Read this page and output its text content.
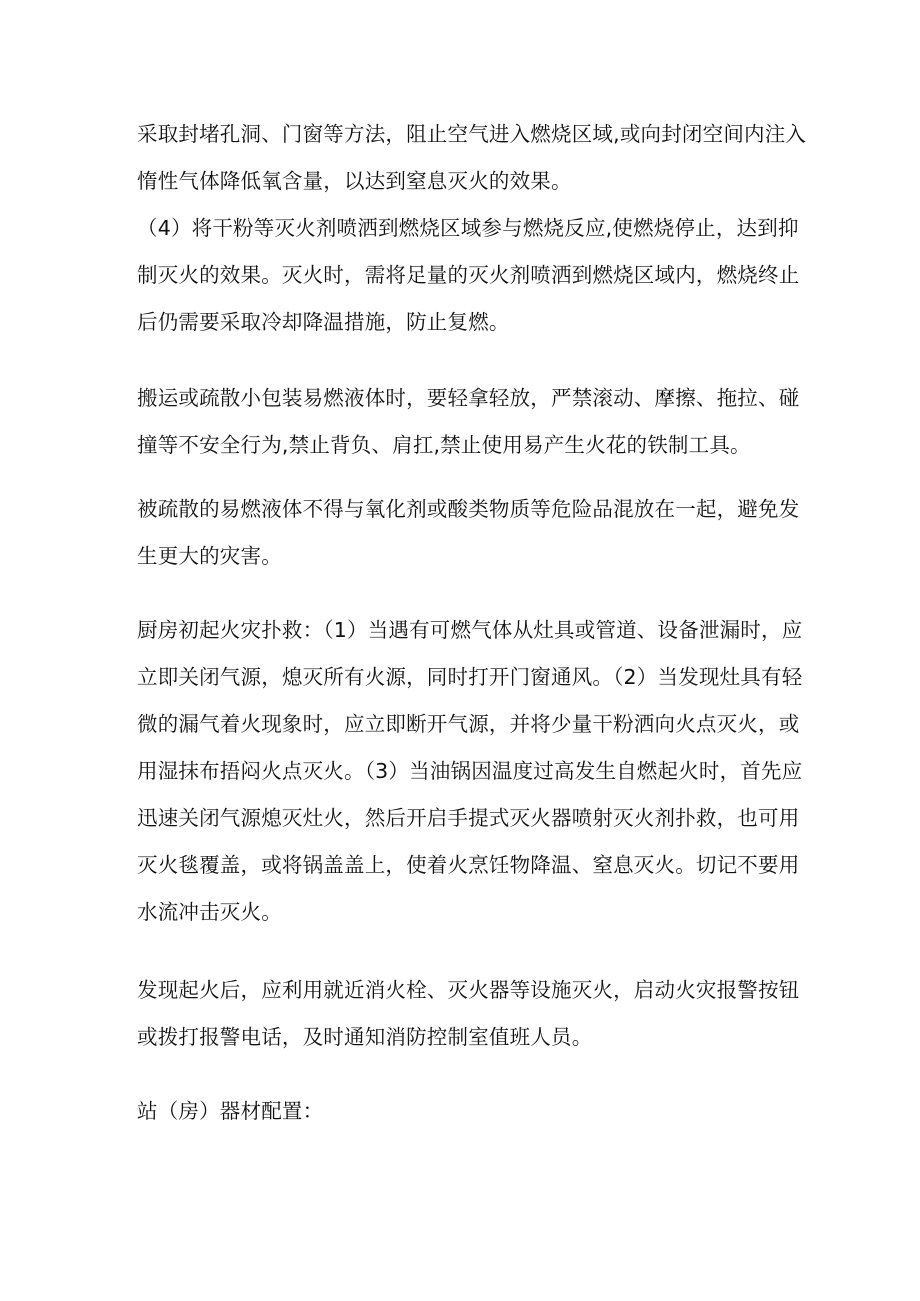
采取封堵孔洞、门窗等方法，阻止空气进入燃烧区域,或向封闭空间内注入
惰性气体降低氧含量，以达到窒息灭火的效果。
（4）将干粉等灭火剂喷洒到燃烧区域参与燃烧反应,使燃烧停止，达到抑
制灭火的效果。灭火时，需将足量的灭火剂喷洒到燃烧区域内，燃烧终止
后仍需要采取冷却降温措施，防止复燃。
搬运或疏散小包装易燃液体时，要轻拿轻放，严禁滚动、摩擦、拖拉、碰
撞等不安全行为,禁止背负、肩扛,禁止使用易产生火花的铁制工具。
被疏散的易燃液体不得与氧化剂或酸类物质等危险品混放在一起，避免发
生更大的灾害。
厨房初起火灾扑救：（1）当遇有可燃气体从灶具或管道、设备泄漏时，应
立即关闭气源，熄灭所有火源，同时打开门窗通风。（2）当发现灶具有轻
微的漏气着火现象时，应立即断开气源，并将少量干粉洒向火点灭火，或
用湿抹布捂闷火点灭火。（3）当油锅因温度过高发生自燃起火时，首先应
迅速关闭气源熄灭灶火，然后开启手提式灭火器喷射灭火剂扑救，也可用
灭火毯覆盖，或将锅盖盖上，使着火烹饪物降温、窒息灭火。切记不要用
水流冲击灭火。
发现起火后，应利用就近消火栓、灭火器等设施灭火，启动火灾报警按钮
或拨打报警电话，及时通知消防控制室值班人员。
站（房）器材配置：
